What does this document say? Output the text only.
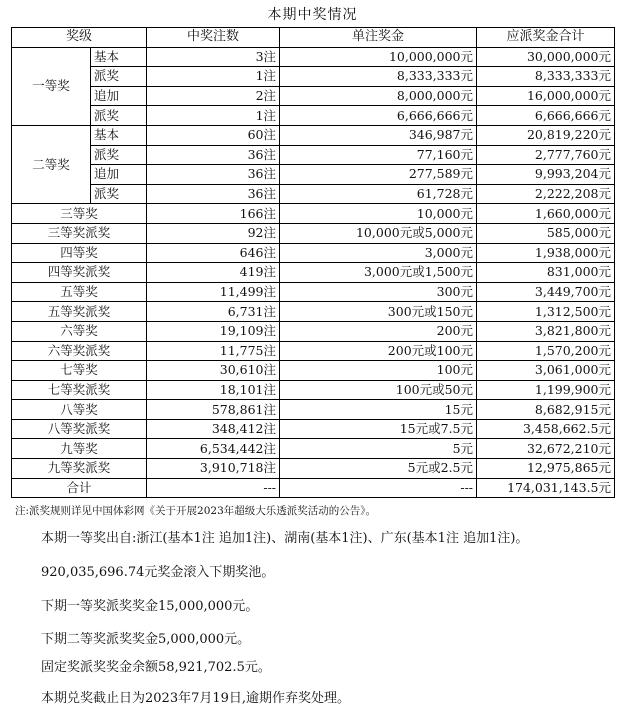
本期中奖情况
奖级		中奖注数	单注奖金	应派奖金合计
一等奖	基本	3注	10,000,000元	30,000,000元
	派奖	1注	8,333,333元	8,333,333元
	追加	2注	8,000,000元	16,000,000元
	派奖	1注	6,666,666元	6,666,666元
二等奖	基本	60注	346,987元	20,819,220元
	派奖	36注	77,160元	2,777,760元
	追加	36注	277,589元	9,993,204元
	派奖	36注	61,728元	2,222,208元
三等奖		166注	10,000元	1,660,000元
三等奖派奖		92注	10,000元或5,000元	585,000元
四等奖		646注	3,000元	1,938,000元
四等奖派奖		419注	3,000元或1,500元	831,000元
五等奖		11,499注	300元	3,449,700元
五等奖派奖		6,731注	300元或150元	1,312,500元
六等奖		19,109注	200元	3,821,800元
六等奖派奖		11,775注	200元或100元	1,570,200元
七等奖		30,610注	100元	3,061,000元
七等奖派奖		18,101注	100元或50元	1,199,900元
八等奖		578,861注	15元	8,682,915元
八等奖派奖		348,412注	15元或7.5元	3,458,662.5元
九等奖		6,534,442注	5元	32,672,210元
九等奖派奖		3,910,718注	5元或2.5元	12,975,865元
合计		---	---	174,031,143.5元
注:派奖规则详见中国体彩网《关于开展2023年超级大乐透派奖活动的公告》。
本期一等奖出自:浙江(基本1注 追加1注)、湖南(基本1注)、广东(基本1注 追加1注)。
920,035,696.74元奖金滚入下期奖池。
下期一等奖派奖奖金15,000,000元。
下期二等奖派奖奖金5,000,000元。
固定奖派奖奖金余额58,921,702.5元。
本期兑奖截止日为2023年7月19日,逾期作弃奖处理。
